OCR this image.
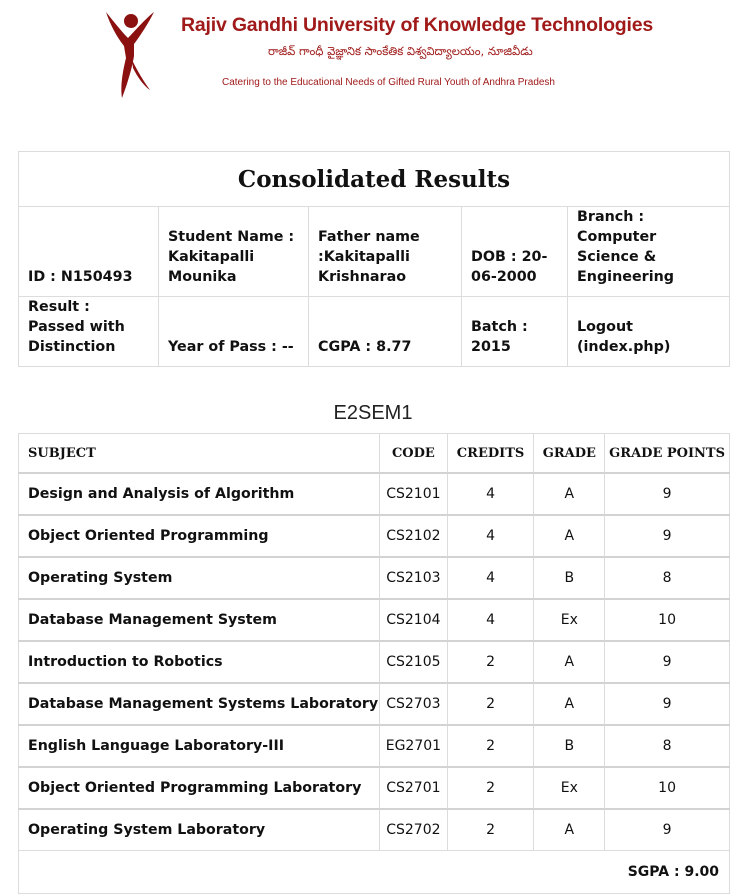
Rajiv Gandhi University of Knowledge Technologies
రాజీవ్ గాంధీ వైజ్ఞానిక సాంకేతిక విశ్వవిద్యాలయం, నూజివీడు
Catering to the Educational Needs of Gifted Rural Youth of Andhra Pradesh
Consolidated Results				
ID : N150493	Student Name : Kakitapalli Mounika	Father name :Kakitapalli Krishnarao	DOB : 20-06-2000	Branch : Computer Science & Engineering
Result : Passed with Distinction	Year of Pass : --	CGPA : 8.77	Batch : 2015	Logout (index.php)
E2SEM1
SUBJECT	CODE	CREDITS	GRADE	GRADE POINTS
Design and Analysis of Algorithm	CS2101	4	A	9
Object Oriented Programming	CS2102	4	A	9
Operating System	CS2103	4	B	8
Database Management System	CS2104	4	Ex	10
Introduction to Robotics	CS2105	2	A	9
Database Management Systems Laboratory	CS2703	2	A	9
English Language Laboratory-III	EG2701	2	B	8
Object Oriented Programming Laboratory	CS2701	2	Ex	10
Operating System Laboratory	CS2702	2	A	9
SGPA : 9.00				
